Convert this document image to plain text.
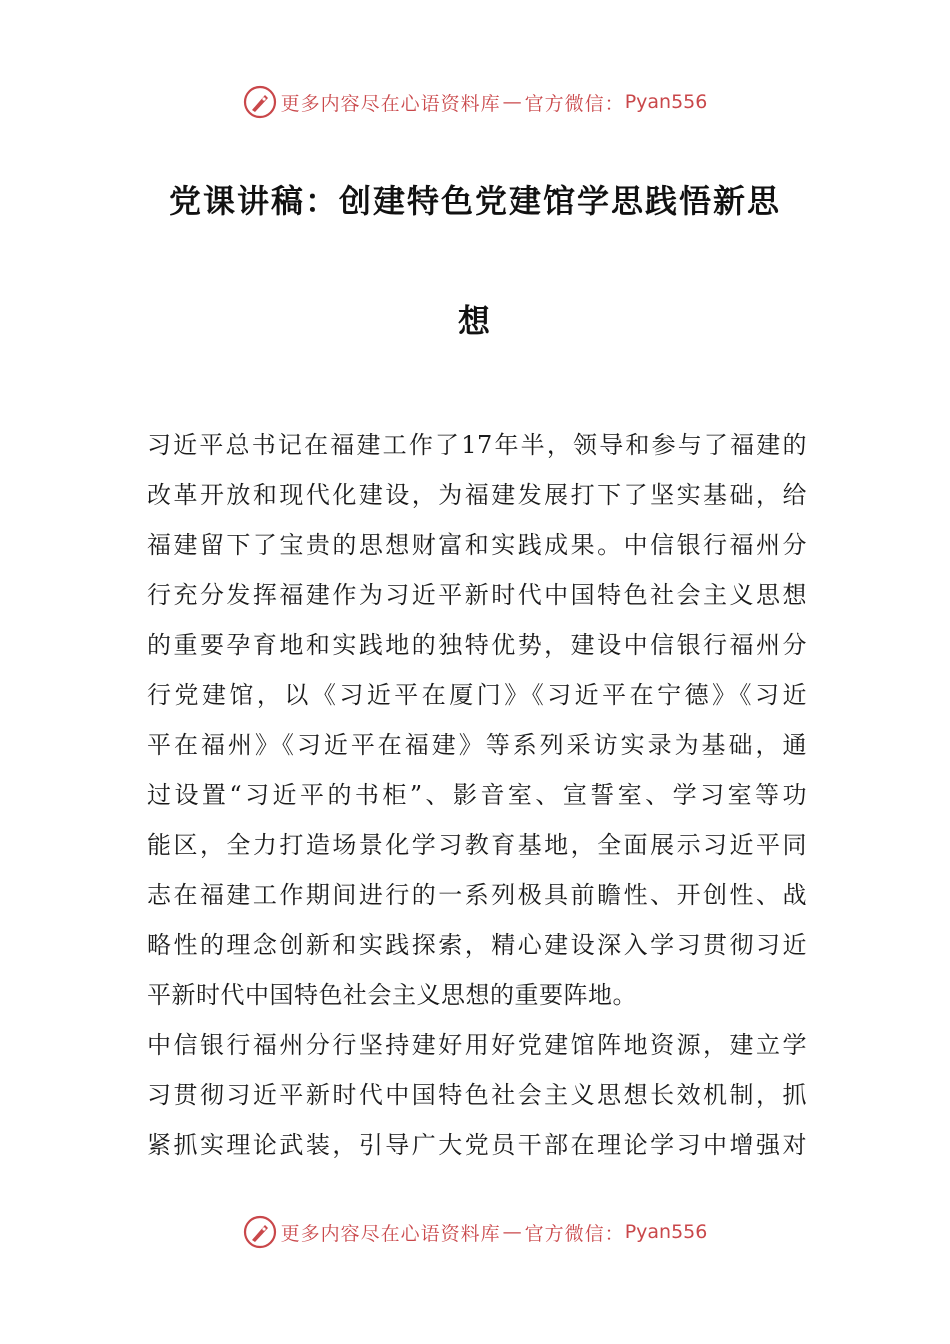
更多内容尽在心语资料库 — 官方微信： Pyan556
党课讲稿：创建特色党建馆学思践悟新思
想
习近平总书记在福建工作了17年半，领导和参与了福建的
改革开放和现代化建设，为福建发展打下了坚实基础，给
福建留下了宝贵的思想财富和实践成果。中信银行福州分
行充分发挥福建作为习近平新时代中国特色社会主义思想
的重要孕育地和实践地的独特优势，建设中信银行福州分
行党建馆，以《习近平在厦门》《习近平在宁德》《习近
平在福州》《习近平在福建》等系列采访实录为基础，通
过设置“习近平的书柜”、影音室、宣誓室、学习室等功
能区，全力打造场景化学习教育基地，全面展示习近平同
志在福建工作期间进行的一系列极具前瞻性、开创性、战
略性的理念创新和实践探索，精心建设深入学习贯彻习近
平新时代中国特色社会主义思想的重要阵地。
中信银行福州分行坚持建好用好党建馆阵地资源，建立学
习贯彻习近平新时代中国特色社会主义思想长效机制，抓
紧抓实理论武装，引导广大党员干部在理论学习中增强对
更多内容尽在心语资料库 — 官方微信： Pyan556
